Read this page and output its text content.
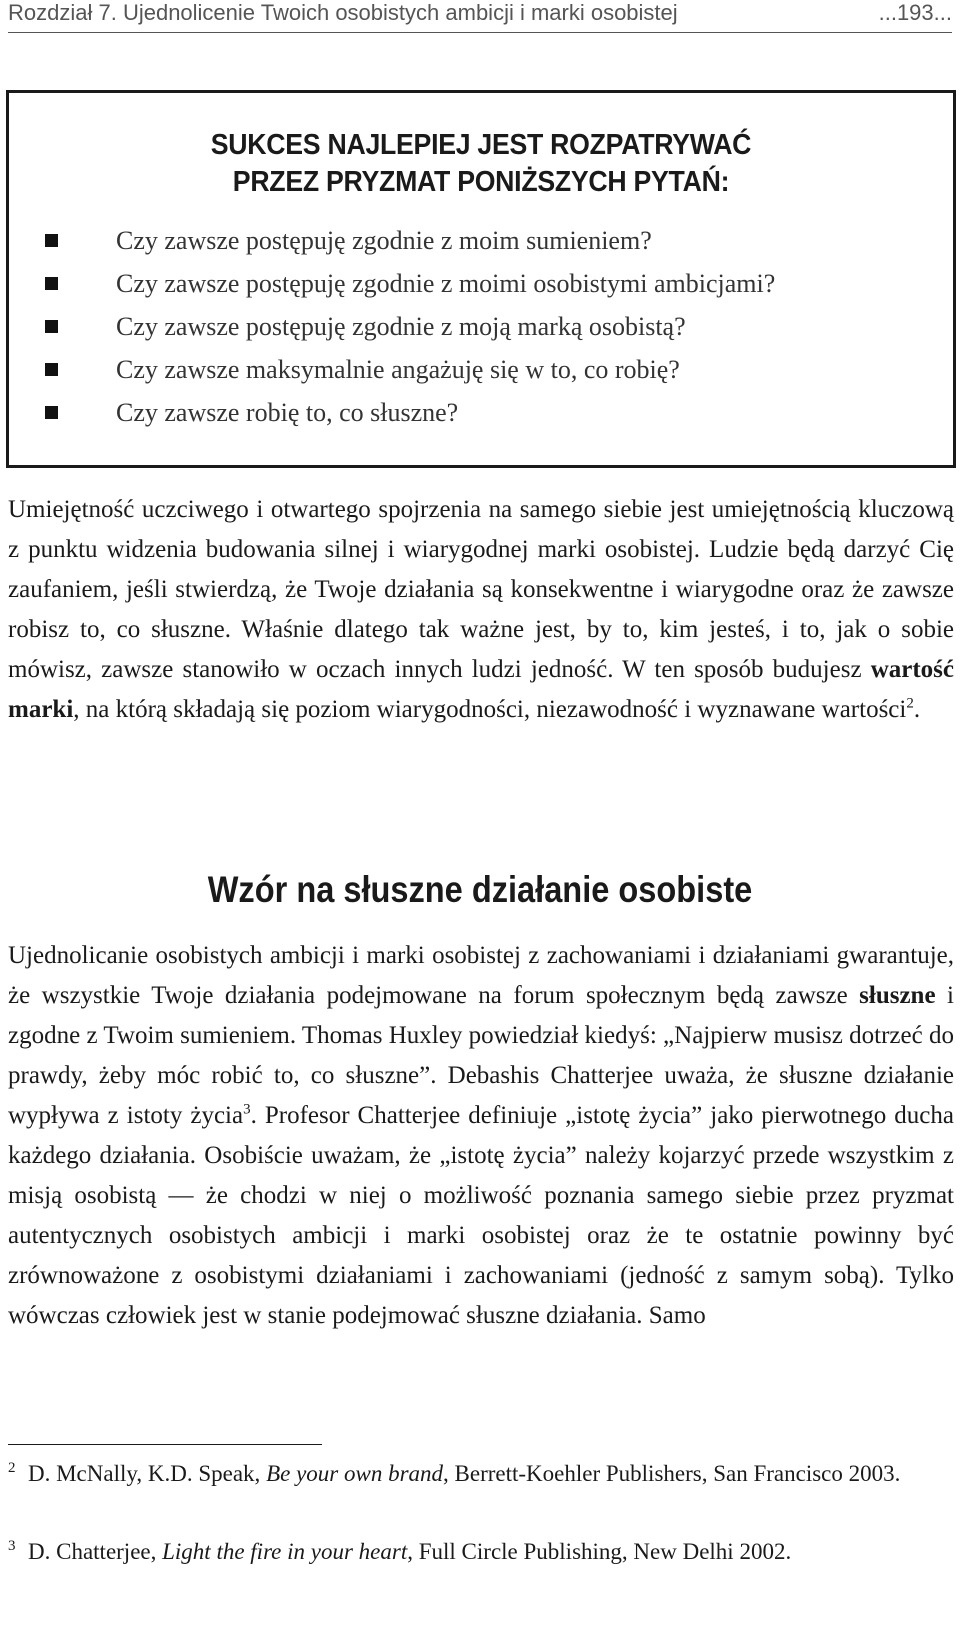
Rozdział 7. Ujednolicenie Twoich osobistych ambicji i marki osobistej	...193...
SUKCES NAJLEPIEJ JEST ROZPATRYWAĆ
PRZEZ PRYZMAT PONIŻSZYCH PYTAŃ:
Czy zawsze postępuję zgodnie z moim sumieniem?
Czy zawsze postępuję zgodnie z moimi osobistymi ambicjami?
Czy zawsze postępuję zgodnie z moją marką osobistą?
Czy zawsze maksymalnie angażuję się w to, co robię?
Czy zawsze robię to, co słuszne?

Umiejętność uczciwego i otwartego spojrzenia na samego siebie jest umiejętnością kluczową z punktu widzenia budowania silnej i wiarygodnej marki osobistej. Ludzie będą darzyć Cię zaufaniem, jeśli stwierdzą, że Twoje działania są konsekwentne i wiarygodne oraz że zawsze robisz to, co słuszne. Właśnie dlatego tak ważne jest, by to, kim jesteś, i to, jak o sobie mówisz, zawsze stanowiło w oczach innych ludzi jedność. W ten sposób budujesz wartość marki, na którą składają się poziom wiarygodności, niezawodność i wyznawane wartości$^2$.

Wzór na słuszne działanie osobiste

Ujednolicanie osobistych ambicji i marki osobistej z zachowaniami i działaniami gwarantuje, że wszystkie Twoje działania podejmowane na forum społecznym będą zawsze słuszne i zgodne z Twoim sumieniem. Thomas Huxley powiedział kiedyś: „Najpierw musisz dotrzeć do prawdy, żeby móc robić to, co słuszne”. Debashis Chatterjee uważa, że słuszne działanie wypływa z istoty życia$^3$. Profesor Chatterjee definiuje „istotę życia” jako pierwotnego ducha każdego działania. Osobiście uważam, że „istotę życia” należy kojarzyć przede wszystkim z misją osobistą — że chodzi w niej o możliwość poznania samego siebie przez pryzmat autentycznych osobistych ambicji i marki osobistej oraz że te ostatnie powinny być zrównoważone z osobistymi działaniami i zachowaniami (jedność z samym sobą). Tylko wówczas człowiek jest w stanie podejmować słuszne działania. Samo

2 D. McNally, K.D. Speak, Be your own brand, Berrett-Koehler Publishers, San Francisco 2003.
3 D. Chatterjee, Light the fire in your heart, Full Circle Publishing, New Delhi 2002.
